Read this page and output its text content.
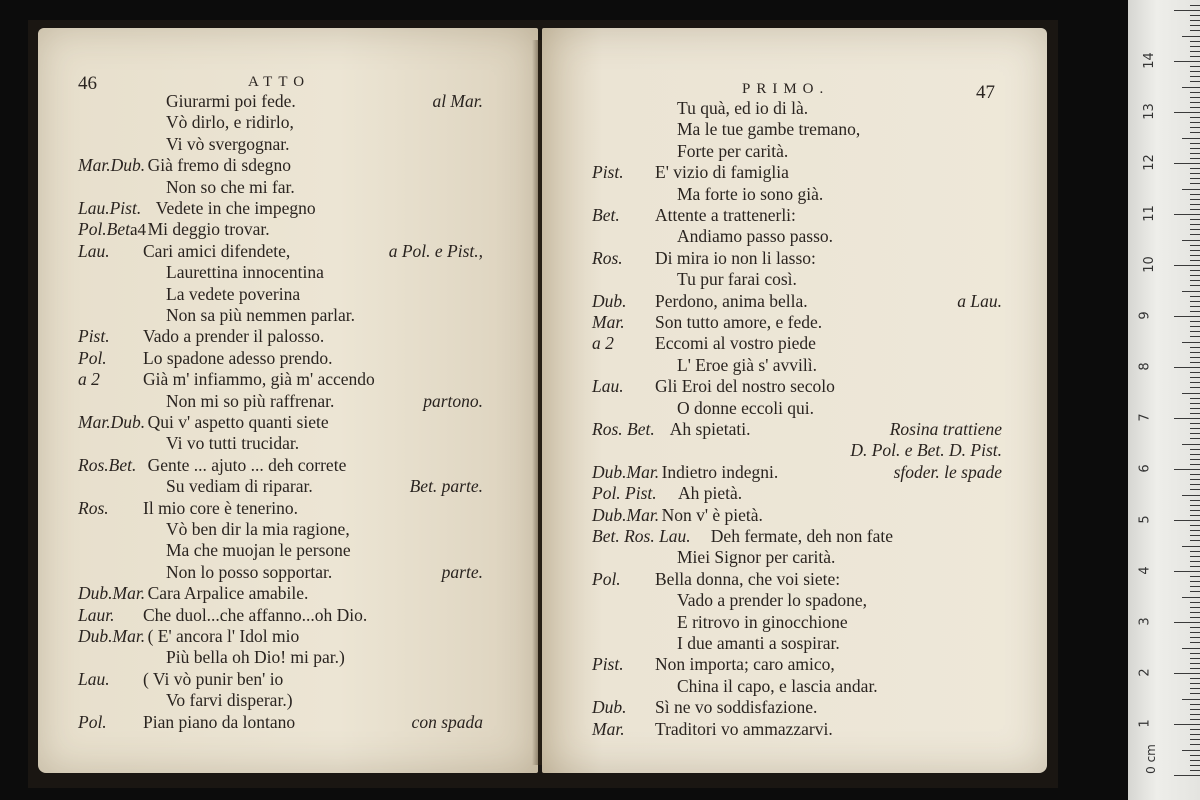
46	ATTO
Giurarmi poi fede.	al Mar.
Vò dirlo, e ridirlo,
Vi vò svergognar.
Mar.Dub. Già fremo di sdegno
Non so che mi far.
Lau.Pist. Vedete in che impegno
Pol.Bet. Mi deggio trovar.
Lau. Cari amici difendete,	a Pol. e Pist.,
Laurettina innocentina
La vedete poverina
Non sa più nemmen parlar.
Pist. Vado a prender il palosso.
Pol. Lo spadone adesso prendo.
a 2 Già m' infiammo, già m' accendo
Non mi so più raffrenar.	partono.
Mar.Dub. Qui v' aspetto quanti siete
Vi vo tutti trucidar.
Ros.Bet. Gente ... ajuto ... deh correte
Su vediam di riparar.	Bet. parte.
Ros. Il mio core è tenerino.
Vò ben dir la mia ragione,
Ma che muojan le persone
Non lo posso sopportar.	parte.
Dub.Mar. Cara Arpalice amabile.
Laur. Che duol...che affanno...oh Dio.
Dub.Mar. ( E' ancora l' Idol mio
Più bella oh Dio! mi par.)
Lau. ( Vi vò punir ben' io
Vo farvi disperar.)
Pol. Pian piano da lontano	con spada
a4
PRIMO.	47
Tu quà, ed io di là.
Ma le tue gambe tremano,
Forte per carità.
Pist. E' vizio di famiglia
Ma forte io sono già.
Bet. Attente a trattenerli:
Andiamo passo passo.
Ros. Di mira io non li lasso:
Tu pur farai così.
Dub. Perdono, anima bella.	a Lau.
Mar. Son tutto amore, e fede.
a 2 Eccomi al vostro piede
L' Eroe già s' avvilì.
Lau. Gli Eroi del nostro secolo
O donne eccoli qui.
Ros. Bet. Ah spietati.	Rosina trattiene
D. Pol. e Bet. D. Pist.
Dub.Mar. Indietro indegni.	sfoder. le spade
Pol. Pist. Ah pietà.
Dub.Mar. Non v' è pietà.
Bet. Ros. Lau. Deh fermate, deh non fate
Miei Signor per carità.
Pol. Bella donna, che voi siete:
Vado a prender lo spadone,
E ritrovo in ginocchione
I due amanti a sospirar.
Pist. Non importa; caro amico,
China il capo, e lascia andar.
Dub. Sì ne vo soddisfazione.
Mar. Traditori vo ammazzarvi.	1
2
3
4
5
6
7
8
9
10
11
12
13
14
0 cm
